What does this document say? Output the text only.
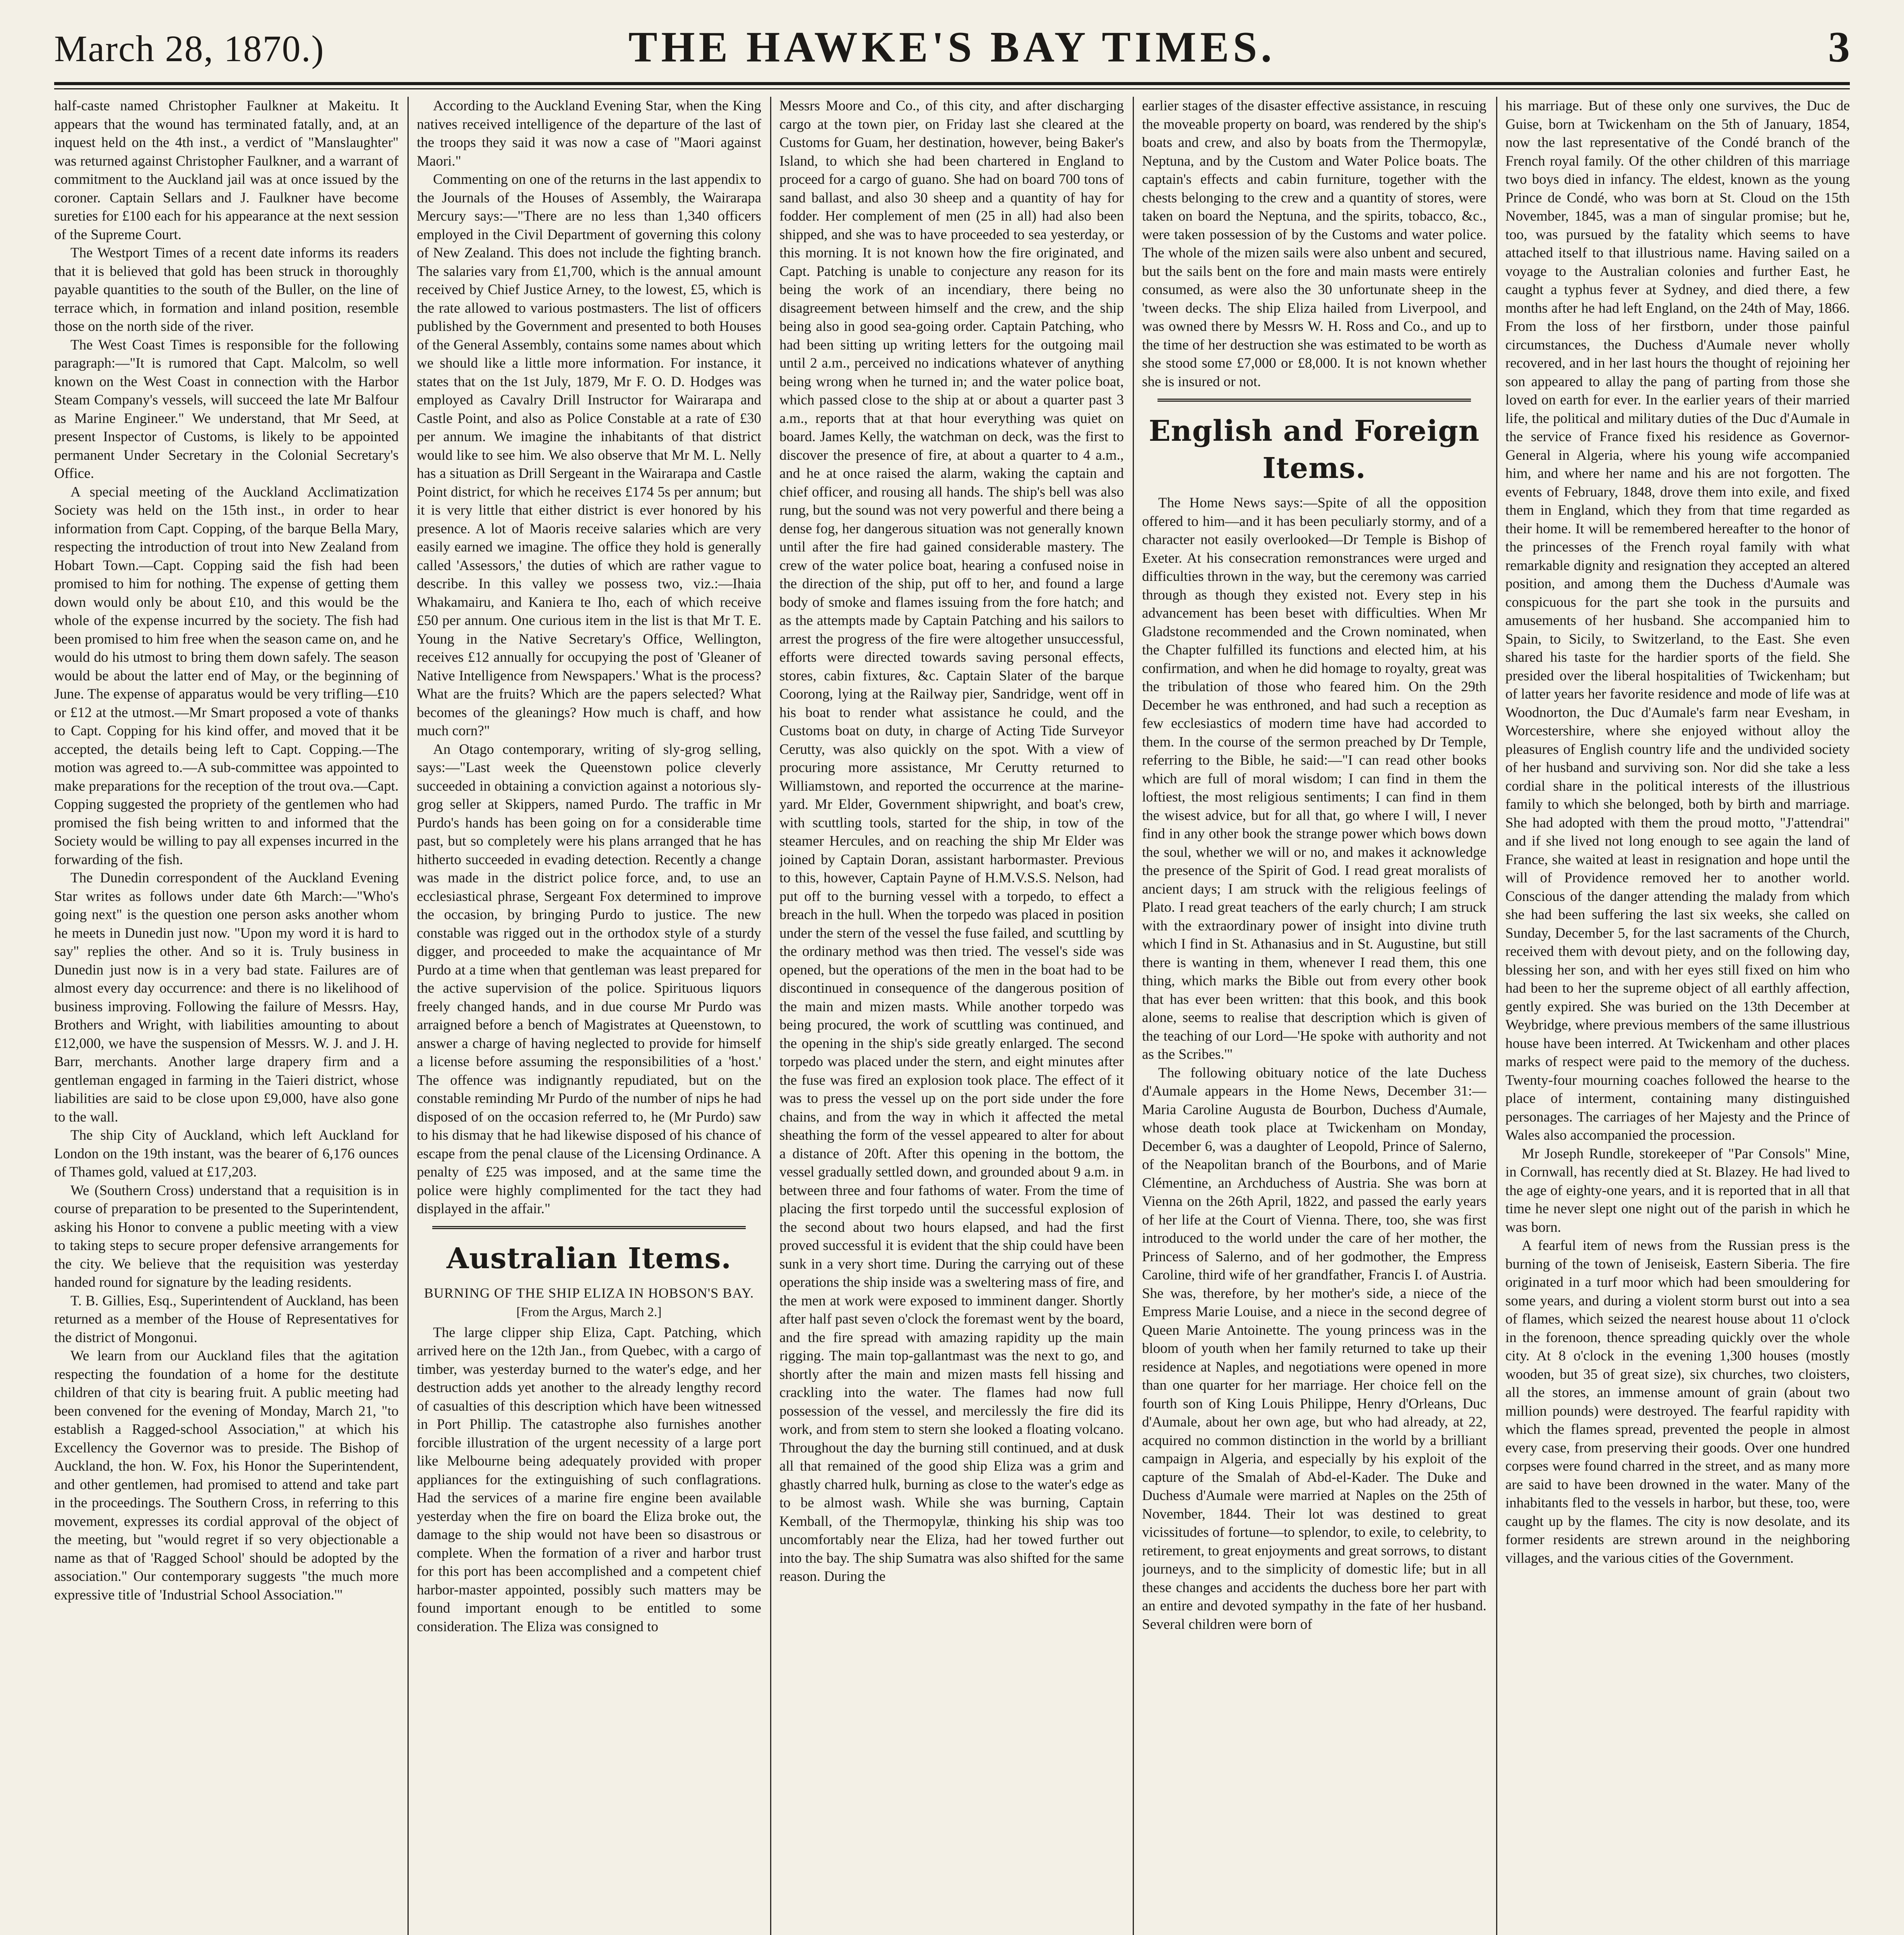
March 28, 1870.)	THE HAWKE'S BAY TIMES.	3

half-caste named Christopher Faulkner at Makeitu. It appears that the wound has terminated fatally, and, at an inquest held on the 4th inst., a verdict of "Manslaughter" was returned against Christopher Faulkner, and a warrant of commitment to the Auckland jail was at once issued by the coroner. Captain Sellars and J. Faulkner have become sureties for £100 each for his appearance at the next session of the Supreme Court.

The Westport Times of a recent date informs its readers that it is believed that gold has been struck in thoroughly payable quantities to the south of the Buller, on the line of terrace which, in formation and inland position, resemble those on the north side of the river.

The West Coast Times is responsible for the following paragraph:—"It is rumored that Capt. Malcolm, so well known on the West Coast in connection with the Harbor Steam Company's vessels, will succeed the late Mr Balfour as Marine Engineer." We understand, that Mr Seed, at present Inspector of Customs, is likely to be appointed permanent Under Secretary in the Colonial Secretary's Office.

A special meeting of the Auckland Acclimatization Society was held on the 15th inst., in order to hear information from Capt. Copping, of the barque Bella Mary, respecting the introduction of trout into New Zealand from Hobart Town.—Capt. Copping said the fish had been promised to him for nothing. The expense of getting them down would only be about £10, and this would be the whole of the expense incurred by the society. The fish had been promised to him free when the season came on, and he would do his utmost to bring them down safely. The season would be about the latter end of May, or the beginning of June. The expense of apparatus would be very trifling—£10 or £12 at the utmost.—Mr Smart proposed a vote of thanks to Capt. Copping for his kind offer, and moved that it be accepted, the details being left to Capt. Copping.—The motion was agreed to.—A sub-committee was appointed to make preparations for the reception of the trout ova.—Capt. Copping suggested the propriety of the gentlemen who had promised the fish being written to and informed that the Society would be willing to pay all expenses incurred in the forwarding of the fish.

The Dunedin correspondent of the Auckland Evening Star writes as follows under date 6th March:—"Who's going next" is the question one person asks another whom he meets in Dunedin just now. "Upon my word it is hard to say" replies the other. And so it is. Truly business in Dunedin just now is in a very bad state. Failures are of almost every day occurrence: and there is no likelihood of business improving. Following the failure of Messrs. Hay, Brothers and Wright, with liabilities amounting to about £12,000, we have the suspension of Messrs. W. J. and J. H. Barr, merchants. Another large drapery firm and a gentleman engaged in farming in the Taieri district, whose liabilities are said to be close upon £9,000, have also gone to the wall.

The ship City of Auckland, which left Auckland for London on the 19th instant, was the bearer of 6,176 ounces of Thames gold, valued at £17,203.

We (Southern Cross) understand that a requisition is in course of preparation to be presented to the Superintendent, asking his Honor to convene a public meeting with a view to taking steps to secure proper defensive arrangements for the city. We believe that the requisition was yesterday handed round for signature by the leading residents.

T. B. Gillies, Esq., Superintendent of Auckland, has been returned as a member of the House of Representatives for the district of Mongonui.

We learn from our Auckland files that the agitation respecting the foundation of a home for the destitute children of that city is bearing fruit. A public meeting had been convened for the evening of Monday, March 21, "to establish a Ragged-school Association," at which his Excellency the Governor was to preside. The Bishop of Auckland, the hon. W. Fox, his Honor the Superintendent, and other gentlemen, had promised to attend and take part in the proceedings. The Southern Cross, in referring to this movement, expresses its cordial approval of the object of the meeting, but "would regret if so very objectionable a name as that of 'Ragged School' should be adopted by the association." Our contemporary suggests "the much more expressive title of 'Industrial School Association.'"

According to the Auckland Evening Star, when the King natives received intelligence of the departure of the last of the troops they said it was now a case of "Maori against Maori."

Commenting on one of the returns in the last appendix to the Journals of the Houses of Assembly, the Wairarapa Mercury says:—"There are no less than 1,340 officers employed in the Civil Department of governing this colony of New Zealand. This does not include the fighting branch. The salaries vary from £1,700, which is the annual amount received by Chief Justice Arney, to the lowest, £5, which is the rate allowed to various postmasters. The list of officers published by the Government and presented to both Houses of the General Assembly, contains some names about which we should like a little more information. For instance, it states that on the 1st July, 1879, Mr F. O. D. Hodges was employed as Cavalry Drill Instructor for Wairarapa and Castle Point, and also as Police Constable at a rate of £30 per annum. We imagine the inhabitants of that district would like to see him. We also observe that Mr M. L. Nelly has a situation as Drill Sergeant in the Wairarapa and Castle Point district, for which he receives £174 5s per annum; but it is very little that either district is ever honored by his presence. A lot of Maoris receive salaries which are very easily earned we imagine. The office they hold is generally called 'Assessors,' the duties of which are rather vague to describe. In this valley we possess two, viz.:—Ihaia Whakamairu, and Kaniera te Iho, each of which receive £50 per annum. One curious item in the list is that Mr T. E. Young in the Native Secretary's Office, Wellington, receives £12 annually for occupying the post of 'Gleaner of Native Intelligence from Newspapers.' What is the process? What are the fruits? Which are the papers selected? What becomes of the gleanings? How much is chaff, and how much corn?"

An Otago contemporary, writing of sly-grog selling, says:—"Last week the Queenstown police cleverly succeeded in obtaining a conviction against a notorious sly-grog seller at Skippers, named Purdo. The traffic in Mr Purdo's hands has been going on for a considerable time past, but so completely were his plans arranged that he has hitherto succeeded in evading detection. Recently a change was made in the district police force, and, to use an ecclesiastical phrase, Sergeant Fox determined to improve the occasion, by bringing Purdo to justice. The new constable was rigged out in the orthodox style of a sturdy digger, and proceeded to make the acquaintance of Mr Purdo at a time when that gentleman was least prepared for the active supervision of the police. Spirituous liquors freely changed hands, and in due course Mr Purdo was arraigned before a bench of Magistrates at Queenstown, to answer a charge of having neglected to provide for himself a license before assuming the responsibilities of a 'host.' The offence was indignantly repudiated, but on the constable reminding Mr Purdo of the number of nips he had disposed of on the occasion referred to, he (Mr Purdo) saw to his dismay that he had likewise disposed of his chance of escape from the penal clause of the Licensing Ordinance. A penalty of £25 was imposed, and at the same time the police were highly complimented for the tact they had displayed in the affair."

Australian Items.
BURNING OF THE SHIP ELIZA IN HOBSON'S BAY.
[From the Argus, March 2.]

The large clipper ship Eliza, Capt. Patching, which arrived here on the 12th Jan., from Quebec, with a cargo of timber, was yesterday burned to the water's edge, and her destruction adds yet another to the already lengthy record of casualties of this description which have been witnessed in Port Phillip. The catastrophe also furnishes another forcible illustration of the urgent necessity of a large port like Melbourne being adequately provided with proper appliances for the extinguishing of such conflagrations. Had the services of a marine fire engine been available yesterday when the fire on board the Eliza broke out, the damage to the ship would not have been so disastrous or complete. When the formation of a river and harbor trust for this port has been accomplished and a competent chief harbor-master appointed, possibly such matters may be found important enough to be entitled to some consideration. The Eliza was consigned to

Messrs Moore and Co., of this city, and after discharging cargo at the town pier, on Friday last she cleared at the Customs for Guam, her destination, however, being Baker's Island, to which she had been chartered in England to proceed for a cargo of guano. She had on board 700 tons of sand ballast, and also 30 sheep and a quantity of hay for fodder. Her complement of men (25 in all) had also been shipped, and she was to have proceeded to sea yesterday, or this morning. It is not known how the fire originated, and Capt. Patching is unable to conjecture any reason for its being the work of an incendiary, there being no disagreement between himself and the crew, and the ship being also in good sea-going order. Captain Patching, who had been sitting up writing letters for the outgoing mail until 2 a.m., perceived no indications whatever of anything being wrong when he turned in; and the water police boat, which passed close to the ship at or about a quarter past 3 a.m., reports that at that hour everything was quiet on board. James Kelly, the watchman on deck, was the first to discover the presence of fire, at about a quarter to 4 a.m., and he at once raised the alarm, waking the captain and chief officer, and rousing all hands. The ship's bell was also rung, but the sound was not very powerful and there being a dense fog, her dangerous situation was not generally known until after the fire had gained considerable mastery. The crew of the water police boat, hearing a confused noise in the direction of the ship, put off to her, and found a large body of smoke and flames issuing from the fore hatch; and as the attempts made by Captain Patching and his sailors to arrest the progress of the fire were altogether unsuccessful, efforts were directed towards saving personal effects, stores, cabin fixtures, &c. Captain Slater of the barque Coorong, lying at the Railway pier, Sandridge, went off in his boat to render what assistance he could, and the Customs boat on duty, in charge of Acting Tide Surveyor Cerutty, was also quickly on the spot. With a view of procuring more assistance, Mr Cerutty returned to Williamstown, and reported the occurrence at the marine-yard. Mr Elder, Government shipwright, and boat's crew, with scuttling tools, started for the ship, in tow of the steamer Hercules, and on reaching the ship Mr Elder was joined by Captain Doran, assistant harbormaster. Previous to this, however, Captain Payne of H.M.V.S.S. Nelson, had put off to the burning vessel with a torpedo, to effect a breach in the hull. When the torpedo was placed in position under the stern of the vessel the fuse failed, and scuttling by the ordinary method was then tried. The vessel's side was opened, but the operations of the men in the boat had to be discontinued in consequence of the dangerous position of the main and mizen masts. While another torpedo was being procured, the work of scuttling was continued, and the opening in the ship's side greatly enlarged. The second torpedo was placed under the stern, and eight minutes after the fuse was fired an explosion took place. The effect of it was to press the vessel up on the port side under the fore chains, and from the way in which it affected the metal sheathing the form of the vessel appeared to alter for about a distance of 20ft. After this opening in the bottom, the vessel gradually settled down, and grounded about 9 a.m. in between three and four fathoms of water. From the time of placing the first torpedo until the successful explosion of the second about two hours elapsed, and had the first proved successful it is evident that the ship could have been sunk in a very short time. During the carrying out of these operations the ship inside was a sweltering mass of fire, and the men at work were exposed to imminent danger. Shortly after half past seven o'clock the foremast went by the board, and the fire spread with amazing rapidity up the main rigging. The main top-gallantmast was the next to go, and shortly after the main and mizen masts fell hissing and crackling into the water. The flames had now full possession of the vessel, and mercilessly the fire did its work, and from stem to stern she looked a floating volcano. Throughout the day the burning still continued, and at dusk all that remained of the good ship Eliza was a grim and ghastly charred hulk, burning as close to the water's edge as to be almost wash. While she was burning, Captain Kemball, of the Thermopylæ, thinking his ship was too uncomfortably near the Eliza, had her towed further out into the bay. The ship Sumatra was also shifted for the same reason. During the

earlier stages of the disaster effective assistance, in rescuing the moveable property on board, was rendered by the ship's boats and crew, and also by boats from the Thermopylæ, Neptuna, and by the Custom and Water Police boats. The captain's effects and cabin furniture, together with the chests belonging to the crew and a quantity of stores, were taken on board the Neptuna, and the spirits, tobacco, &c., were taken possession of by the Customs and water police. The whole of the mizen sails were also unbent and secured, but the sails bent on the fore and main masts were entirely consumed, as were also the 30 unfortunate sheep in the 'tween decks. The ship Eliza hailed from Liverpool, and was owned there by Messrs W. H. Ross and Co., and up to the time of her destruction she was estimated to be worth as she stood some £7,000 or £8,000. It is not known whether she is insured or not.

English and Foreign Items.

The Home News says:—Spite of all the opposition offered to him—and it has been peculiarly stormy, and of a character not easily overlooked—Dr Temple is Bishop of Exeter. At his consecration remonstrances were urged and difficulties thrown in the way, but the ceremony was carried through as though they existed not. Every step in his advancement has been beset with difficulties. When Mr Gladstone recommended and the Crown nominated, when the Chapter fulfilled its functions and elected him, at his confirmation, and when he did homage to royalty, great was the tribulation of those who feared him. On the 29th December he was enthroned, and had such a reception as few ecclesiastics of modern time have had accorded to them. In the course of the sermon preached by Dr Temple, referring to the Bible, he said:—"I can read other books which are full of moral wisdom; I can find in them the loftiest, the most religious sentiments; I can find in them the wisest advice, but for all that, go where I will, I never find in any other book the strange power which bows down the soul, whether we will or no, and makes it acknowledge the presence of the Spirit of God. I read great moralists of ancient days; I am struck with the religious feelings of Plato. I read great teachers of the early church; I am struck with the extraordinary power of insight into divine truth which I find in St. Athanasius and in St. Augustine, but still there is wanting in them, whenever I read them, this one thing, which marks the Bible out from every other book that has ever been written: that this book, and this book alone, seems to realise that description which is given of the teaching of our Lord—'He spoke with authority and not as the Scribes.'"

The following obituary notice of the late Duchess d'Aumale appears in the Home News, December 31:—Maria Caroline Augusta de Bourbon, Duchess d'Aumale, whose death took place at Twickenham on Monday, December 6, was a daughter of Leopold, Prince of Salerno, of the Neapolitan branch of the Bourbons, and of Marie Clémentine, an Archduchess of Austria. She was born at Vienna on the 26th April, 1822, and passed the early years of her life at the Court of Vienna. There, too, she was first introduced to the world under the care of her mother, the Princess of Salerno, and of her godmother, the Empress Caroline, third wife of her grandfather, Francis I. of Austria. She was, therefore, by her mother's side, a niece of the Empress Marie Louise, and a niece in the second degree of Queen Marie Antoinette. The young princess was in the bloom of youth when her family returned to take up their residence at Naples, and negotiations were opened in more than one quarter for her marriage. Her choice fell on the fourth son of King Louis Philippe, Henry d'Orleans, Duc d'Aumale, about her own age, but who had already, at 22, acquired no common distinction in the world by a brilliant campaign in Algeria, and especially by his exploit of the capture of the Smalah of Abd-el-Kader. The Duke and Duchess d'Aumale were married at Naples on the 25th of November, 1844. Their lot was destined to great vicissitudes of fortune—to splendor, to exile, to celebrity, to retirement, to great enjoyments and great sorrows, to distant journeys, and to the simplicity of domestic life; but in all these changes and accidents the duchess bore her part with an entire and devoted sympathy in the fate of her husband. Several children were born of

his marriage. But of these only one survives, the Duc de Guise, born at Twickenham on the 5th of January, 1854, now the last representative of the Condé branch of the French royal family. Of the other children of this marriage two boys died in infancy. The eldest, known as the young Prince de Condé, who was born at St. Cloud on the 15th November, 1845, was a man of singular promise; but he, too, was pursued by the fatality which seems to have attached itself to that illustrious name. Having sailed on a voyage to the Australian colonies and further East, he caught a typhus fever at Sydney, and died there, a few months after he had left England, on the 24th of May, 1866. From the loss of her firstborn, under those painful circumstances, the Duchess d'Aumale never wholly recovered, and in her last hours the thought of rejoining her son appeared to allay the pang of parting from those she loved on earth for ever. In the earlier years of their married life, the political and military duties of the Duc d'Aumale in the service of France fixed his residence as Governor-General in Algeria, where his young wife accompanied him, and where her name and his are not forgotten. The events of February, 1848, drove them into exile, and fixed them in England, which they from that time regarded as their home. It will be remembered hereafter to the honor of the princesses of the French royal family with what remarkable dignity and resignation they accepted an altered position, and among them the Duchess d'Aumale was conspicuous for the part she took in the pursuits and amusements of her husband. She accompanied him to Spain, to Sicily, to Switzerland, to the East. She even shared his taste for the hardier sports of the field. She presided over the liberal hospitalities of Twickenham; but of latter years her favorite residence and mode of life was at Woodnorton, the Duc d'Aumale's farm near Evesham, in Worcestershire, where she enjoyed without alloy the pleasures of English country life and the undivided society of her husband and surviving son. Nor did she take a less cordial share in the political interests of the illustrious family to which she belonged, both by birth and marriage. She had adopted with them the proud motto, "J'attendrai" and if she lived not long enough to see again the land of France, she waited at least in resignation and hope until the will of Providence removed her to another world. Conscious of the danger attending the malady from which she had been suffering the last six weeks, she called on Sunday, December 5, for the last sacraments of the Church, received them with devout piety, and on the following day, blessing her son, and with her eyes still fixed on him who had been to her the supreme object of all earthly affection, gently expired. She was buried on the 13th December at Weybridge, where previous members of the same illustrious house have been interred. At Twickenham and other places marks of respect were paid to the memory of the duchess. Twenty-four mourning coaches followed the hearse to the place of interment, containing many distinguished personages. The carriages of her Majesty and the Prince of Wales also accompanied the procession.

Mr Joseph Rundle, storekeeper of "Par Consols" Mine, in Cornwall, has recently died at St. Blazey. He had lived to the age of eighty-one years, and it is reported that in all that time he never slept one night out of the parish in which he was born.

A fearful item of news from the Russian press is the burning of the town of Jeniseisk, Eastern Siberia. The fire originated in a turf moor which had been smouldering for some years, and during a violent storm burst out into a sea of flames, which seized the nearest house about 11 o'clock in the forenoon, thence spreading quickly over the whole city. At 8 o'clock in the evening 1,300 houses (mostly wooden, but 35 of great size), six churches, two cloisters, all the stores, an immense amount of grain (about two million pounds) were destroyed. The fearful rapidity with which the flames spread, prevented the people in almost every case, from preserving their goods. Over one hundred corpses were found charred in the street, and as many more are said to have been drowned in the water. Many of the inhabitants fled to the vessels in harbor, but these, too, were caught up by the flames. The city is now desolate, and its former residents are strewn around in the neighboring villages, and the various cities of the Government.
